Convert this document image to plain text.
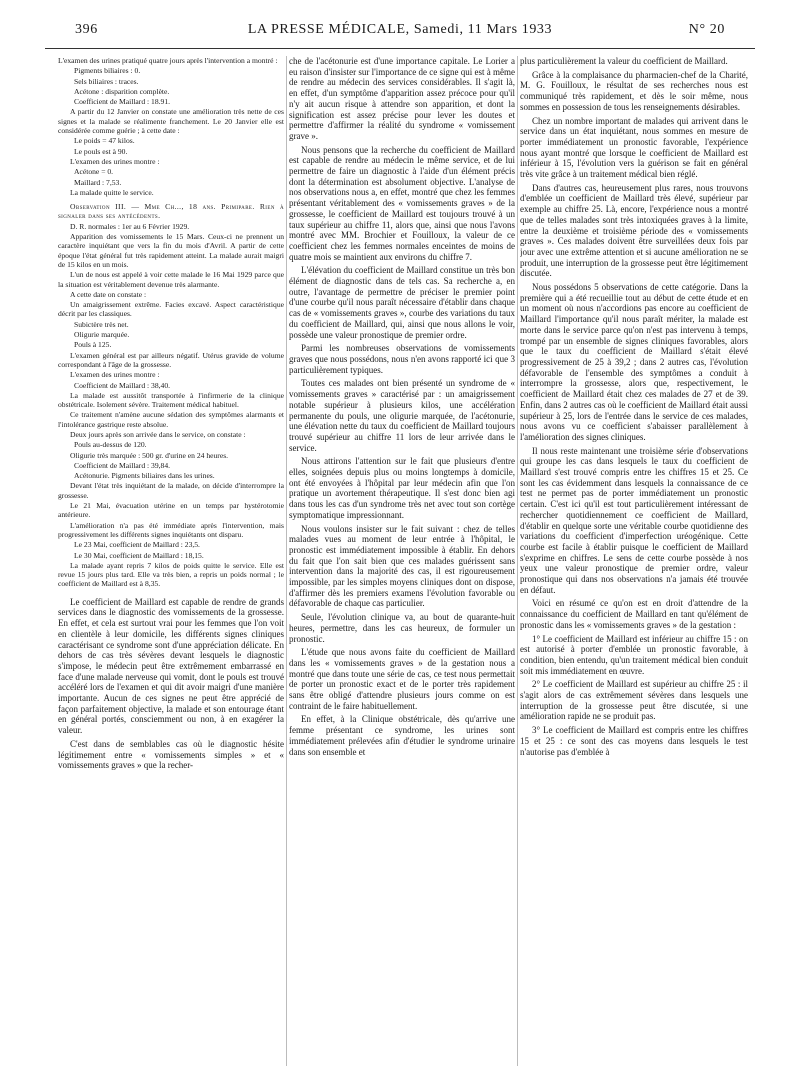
396	LA PRESSE MÉDICALE, Samedi, 11 Mars 1933	N° 20

L'examen des urines pratiqué quatre jours après l'intervention a montré :

Pigments biliaires : 0.

Sels biliaires : traces.

Acétone : disparition complète.

Coefficient de Maillard : 18.91.

A partir du 12 Janvier on constate une amélioration très nette de ces signes et la malade se réalimente franchement. Le 20 Janvier elle est considérée comme guérie ; à cette date :

Le poids = 47 kilos.

Le pouls est à 90.

L'examen des urines montre :

Acétone = 0.

Maillard : 7,53.

La malade quitte le service.

Observation III. — Mme Ch..., 18 ans. Primipare. Rien à signaler dans ses antécédents.

D. R. normales : 1er au 6 Février 1929.

Apparition des vomissements le 15 Mars. Ceux-ci ne prennent un caractère inquiétant que vers la fin du mois d'Avril. A partir de cette époque l'état général fut très rapidement atteint. La malade aurait maigri de 15 kilos en un mois.

L'un de nous est appelé à voir cette malade le 16 Mai 1929 parce que la situation est véritablement devenue très alarmante.

A cette date on constate :

Un amaigrissement extrême. Facies excavé. Aspect caractéristique décrit par les classiques.

Subictère très net.

Oligurie marquée.

Pouls à 125.

L'examen général est par ailleurs négatif. Utérus gravide de volume correspondant à l'âge de la grossesse.

L'examen des urines montre :

Coefficient de Maillard : 38,40.

La malade est aussitôt transportée à l'infirmerie de la clinique obstétricale. Isolement sévère. Traitement médical habituel.

Ce traitement n'amène aucune sédation des symptômes alarmants et l'intolérance gastrique reste absolue.

Deux jours après son arrivée dans le service, on constate :

Pouls au-dessus de 120.

Oligurie très marquée : 500 gr. d'urine en 24 heures.

Coefficient de Maillard : 39,84.

Acétonurie. Pigments biliaires dans les urines.

Devant l'état très inquiétant de la malade, on décide d'interrompre la grossesse.

Le 21 Mai, évacuation utérine en un temps par hystérotomie antérieure.

L'amélioration n'a pas été immédiate après l'intervention, mais progressivement les différents signes inquiétants ont disparu.

Le 23 Mai, coefficient de Maillard : 23,5.

Le 30 Mai, coefficient de Maillard : 18,15.

La malade ayant repris 7 kilos de poids quitte le service. Elle est revue 15 jours plus tard. Elle va très bien, a repris un poids normal ; le coefficient de Maillard est à 8,35.

Le coefficient de Maillard est capable de rendre de grands services dans le diagnostic des vomissements de la grossesse. En effet, et cela est surtout vrai pour les femmes que l'on voit en clientèle à leur domicile, les différents signes cliniques caractérisant ce syndrome sont d'une appréciation délicate. En dehors de cas très sévères devant lesquels le diagnostic s'impose, le médecin peut être extrêmement embarrassé en face d'une malade nerveuse qui vomit, dont le pouls est trouvé accéléré lors de l'examen et qui dit avoir maigri d'une manière importante. Aucun de ces signes ne peut être apprécié de façon parfaitement objective, la malade et son entourage étant en général portés, consciemment ou non, à en exagérer la valeur.

C'est dans de semblables cas où le diagnostic hésite légitimement entre « vomissements simples » et « vomissements graves » que la recher-

che de l'acétonurie est d'une importance capitale. Le Lorier a eu raison d'insister sur l'importance de ce signe qui est à même de rendre au médecin des services considérables. Il s'agit là, en effet, d'un symptôme d'apparition assez précoce pour qu'il n'y ait aucun risque à attendre son apparition, et dont la signification est assez précise pour lever les doutes et permettre d'affirmer la réalité du syndrome « vomissement grave ».

Nous pensons que la recherche du coefficient de Maillard est capable de rendre au médecin le même service, et de lui permettre de faire un diagnostic à l'aide d'un élément précis dont la détermination est absolument objective. L'analyse de nos observations nous a, en effet, montré que chez les femmes présentant véritablement des « vomissements graves » de la grossesse, le coefficient de Maillard est toujours trouvé à un taux supérieur au chiffre 11, alors que, ainsi que nous l'avons montré avec MM. Brochier et Fouilloux, la valeur de ce coefficient chez les femmes normales enceintes de moins de quatre mois se maintient aux environs du chiffre 7.

L'élévation du coefficient de Maillard constitue un très bon élément de diagnostic dans de tels cas. Sa recherche a, en outre, l'avantage de permettre de préciser le premier point d'une courbe qu'il nous paraît nécessaire d'établir dans chaque cas de « vomissements graves », courbe des variations du taux du coefficient de Maillard, qui, ainsi que nous allons le voir, possède une valeur pronostique de premier ordre.

Parmi les nombreuses observations de vomissements graves que nous possédons, nous n'en avons rapporté ici que 3 particulièrement typiques.

Toutes ces malades ont bien présenté un syndrome de « vomissements graves » caractérisé par : un amaigrissement notable supérieur à plusieurs kilos, une accélération permanente du pouls, une oligurie marquée, de l'acétonurie, une élévation nette du taux du coefficient de Maillard toujours trouvé supérieur au chiffre 11 lors de leur arrivée dans le service.

Nous attirons l'attention sur le fait que plusieurs d'entre elles, soignées depuis plus ou moins longtemps à domicile, ont été envoyées à l'hôpital par leur médecin afin que l'on pratique un avortement thérapeutique. Il s'est donc bien agi dans tous les cas d'un syndrome très net avec tout son cortège symptomatique impressionnant.

Nous voulons insister sur le fait suivant : chez de telles malades vues au moment de leur entrée à l'hôpital, le pronostic est immédiatement impossible à établir. En dehors du fait que l'on sait bien que ces malades guérissent sans intervention dans la majorité des cas, il est rigoureusement impossible, par les simples moyens cliniques dont on dispose, d'affirmer dès les premiers examens l'évolution favorable ou défavorable de chaque cas particulier.

Seule, l'évolution clinique va, au bout de quarante-huit heures, permettre, dans les cas heureux, de formuler un pronostic.

L'étude que nous avons faite du coefficient de Maillard dans les « vomissements graves » de la gestation nous a montré que dans toute une série de cas, ce test nous permettait de porter un pronostic exact et de le porter très rapidement sans être obligé d'attendre plusieurs jours comme on est contraint de le faire habituellement.

En effet, à la Clinique obstétricale, dès qu'arrive une femme présentant ce syndrome, les urines sont immédiatement prélevées afin d'étudier le syndrome urinaire dans son ensemble et

plus particulièrement la valeur du coefficient de Maillard.

Grâce à la complaisance du pharmacien-chef de la Charité, M. G. Fouilloux, le résultat de ses recherches nous est communiqué très rapidement, et dès le soir même, nous sommes en possession de tous les renseignements désirables.

Chez un nombre important de malades qui arrivent dans le service dans un état inquiétant, nous sommes en mesure de porter immédiatement un pronostic favorable, l'expérience nous ayant montré que lorsque le coefficient de Maillard est inférieur à 15, l'évolution vers la guérison se fait en général très vite grâce à un traitement médical bien réglé.

Dans d'autres cas, heureusement plus rares, nous trouvons d'emblée un coefficient de Maillard très élevé, supérieur par exemple au chiffre 25. Là, encore, l'expérience nous a montré que de telles malades sont très intoxiquées graves à la limite, entre la deuxième et troisième période des « vomissements graves ». Ces malades doivent être surveillées deux fois par jour avec une extrême attention et si aucune amélioration ne se produit, une interruption de la grossesse peut être légitimement discutée.

Nous possédons 5 observations de cette catégorie. Dans la première qui a été recueillie tout au début de cette étude et en un moment où nous n'accordions pas encore au coefficient de Maillard l'importance qu'il nous paraît mériter, la malade est morte dans le service parce qu'on n'est pas intervenu à temps, trompé par un ensemble de signes cliniques favorables, alors que le taux du coefficient de Maillard s'était élevé progressivement de 25 à 39,2 ; dans 2 autres cas, l'évolution défavorable de l'ensemble des symptômes a conduit à interrompre la grossesse, alors que, respectivement, le coefficient de Maillard était chez ces malades de 27 et de 39. Enfin, dans 2 autres cas où le coefficient de Maillard était aussi supérieur à 25, lors de l'entrée dans le service de ces malades, nous avons vu ce coefficient s'abaisser parallèlement à l'amélioration des signes cliniques.

Il nous reste maintenant une troisième série d'observations qui groupe les cas dans lesquels le taux du coefficient de Maillard s'est trouvé compris entre les chiffres 15 et 25. Ce sont les cas évidemment dans lesquels la connaissance de ce test ne permet pas de porter immédiatement un pronostic certain. C'est ici qu'il est tout particulièrement intéressant de rechercher quotidiennement ce coefficient de Maillard, d'établir en quelque sorte une véritable courbe quotidienne des variations du coefficient d'imperfection uréogénique. Cette courbe est facile à établir puisque le coefficient de Maillard s'exprime en chiffres. Le sens de cette courbe possède à nos yeux une valeur pronostique de premier ordre, valeur pronostique qui dans nos observations n'a jamais été trouvée en défaut.

Voici en résumé ce qu'on est en droit d'attendre de la connaissance du coefficient de Maillard en tant qu'élément de pronostic dans les « vomissements graves » de la gestation :

1° Le coefficient de Maillard est inférieur au chiffre 15 : on est autorisé à porter d'emblée un pronostic favorable, à condition, bien entendu, qu'un traitement médical bien conduit soit mis immédiatement en œuvre.

2° Le coefficient de Maillard est supérieur au chiffre 25 : il s'agit alors de cas extrêmement sévères dans lesquels une interruption de la grossesse peut être discutée, si une amélioration rapide ne se produit pas.

3° Le coefficient de Maillard est compris entre les chiffres 15 et 25 : ce sont des cas moyens dans lesquels le test n'autorise pas d'emblée à
